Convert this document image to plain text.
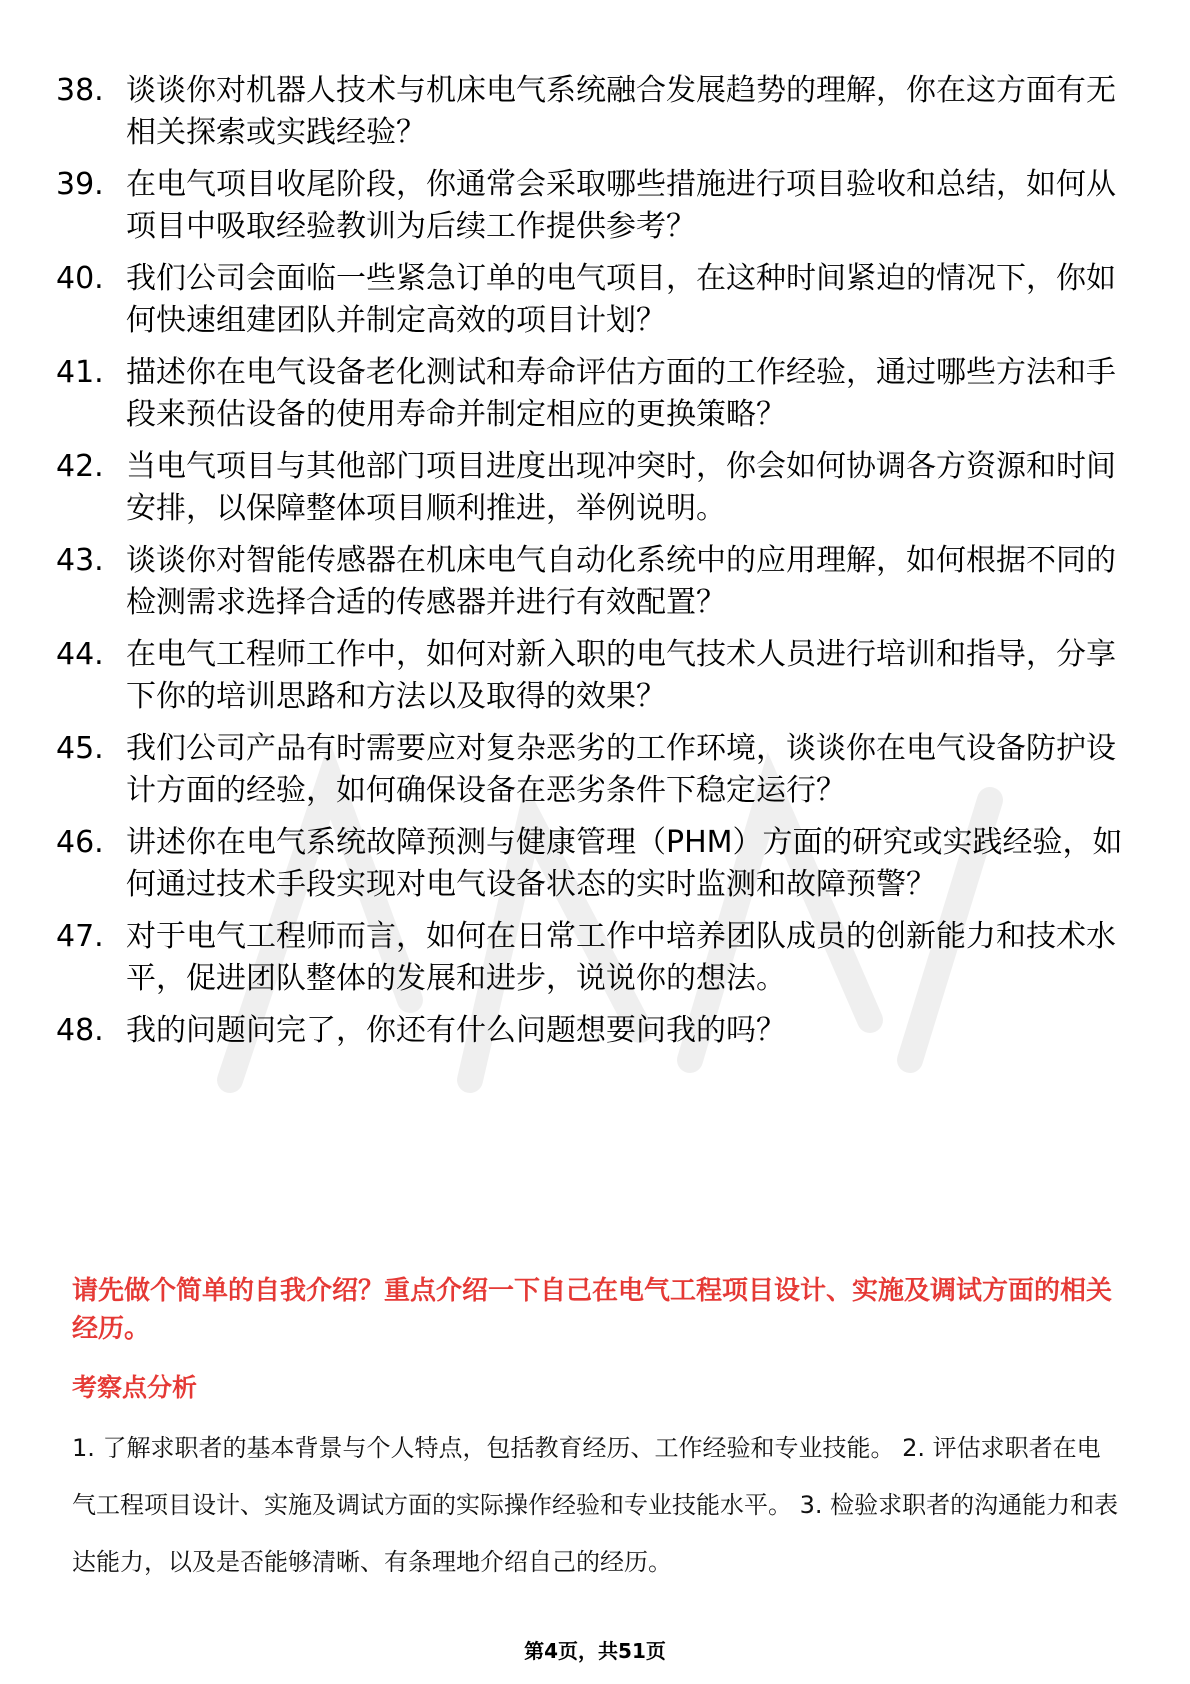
38. 谈谈你对机器人技术与机床电气系统融合发展趋势的理解，你在这方面有无相关探索或实践经验？
39. 在电气项目收尾阶段，你通常会采取哪些措施进行项目验收和总结，如何从项目中吸取经验教训为后续工作提供参考？
40. 我们公司会面临一些紧急订单的电气项目，在这种时间紧迫的情况下，你如何快速组建团队并制定高效的项目计划？
41. 描述你在电气设备老化测试和寿命评估方面的工作经验，通过哪些方法和手段来预估设备的使用寿命并制定相应的更换策略？
42. 当电气项目与其他部门项目进度出现冲突时，你会如何协调各方资源和时间安排，以保障整体项目顺利推进，举例说明。
43. 谈谈你对智能传感器在机床电气自动化系统中的应用理解，如何根据不同的检测需求选择合适的传感器并进行有效配置？
44. 在电气工程师工作中，如何对新入职的电气技术人员进行培训和指导，分享下你的培训思路和方法以及取得的效果？
45. 我们公司产品有时需要应对复杂恶劣的工作环境，谈谈你在电气设备防护设计方面的经验，如何确保设备在恶劣条件下稳定运行？
46. 讲述你在电气系统故障预测与健康管理（PHM）方面的研究或实践经验，如何通过技术手段实现对电气设备状态的实时监测和故障预警？
47. 对于电气工程师而言，如何在日常工作中培养团队成员的创新能力和技术水平，促进团队整体的发展和进步，说说你的想法。
48. 我的问题问完了，你还有什么问题想要问我的吗？
请先做个简单的自我介绍？重点介绍一下自己在电气工程项目设计、实施及调试方面的相关经历。
考察点分析
1. 了解求职者的基本背景与个人特点，包括教育经历、工作经验和专业技能。 2. 评估求职者在电气工程项目设计、实施及调试方面的实际操作经验和专业技能水平。 3. 检验求职者的沟通能力和表达能力，以及是否能够清晰、有条理地介绍自己的经历。
第4页，共51页
